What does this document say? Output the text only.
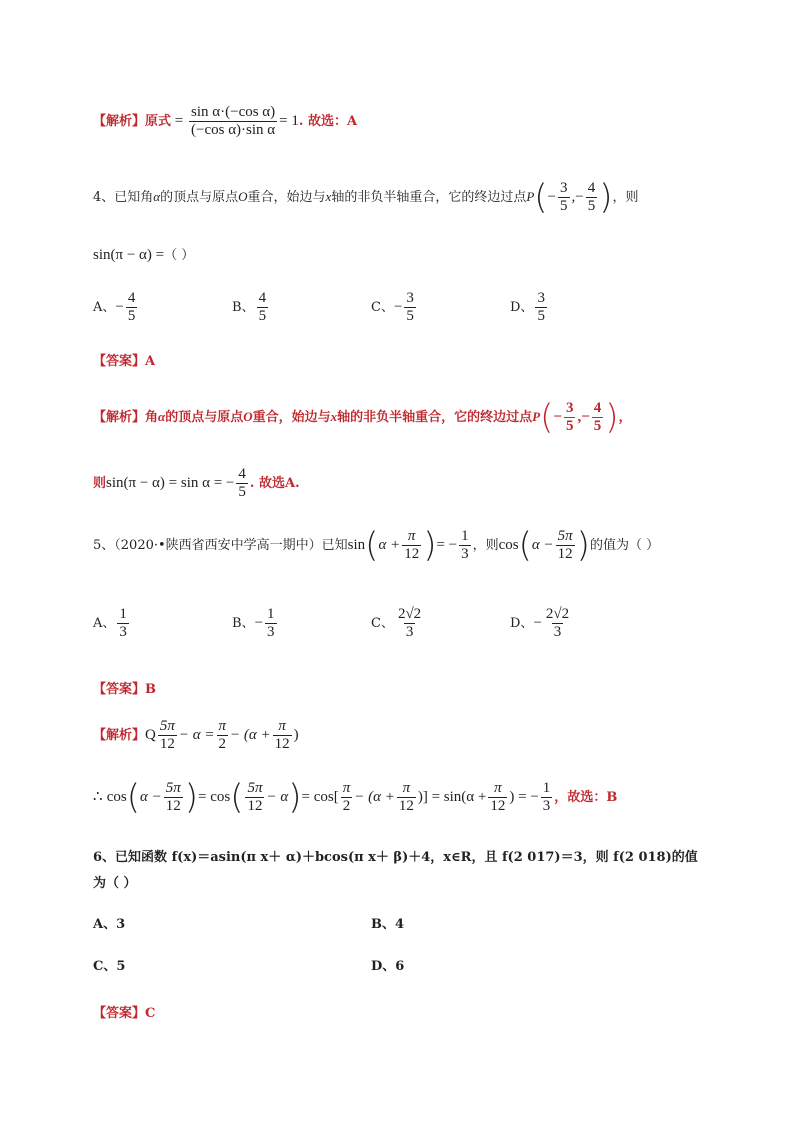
【解析】原式 = $\frac{\text{sin α·(−cos α)}}{\text{(−cos α)·sin α}} = 1$. 故选：A
4、已知角α的顶点与原点O重合，始边与x轴的非负半轴重合，它的终边过点$P(- \frac{3}{5}$ ,− $\frac{4}{5}$ )，则
sin(π − α) =（ ）
A、− $\frac{4}{5}$	B、 $\frac{4}{5}$	C、− $\frac{3}{5}$	D、 $\frac{3}{5}$
【答案】A
【解析】角α的顶点与原点O重合，始边与x轴的非负半轴重合，它的终边过点$P(- \frac{3}{5}$ ,− $\frac{4}{5}$ )，
则sin(π − α) = sin α = − $\frac{4}{5}$ . 故选A.
5、（2020·•陕西省西安中学高一期中）已知$\sin(\alpha + \frac{\pi}{12}$ )= − $\frac{1}{3}$ ，则$\cos(\alpha - \frac{5\pi}{12}$ )的值为（ ）
A、 $\frac{1}{3}$	B、− $\frac{1}{3}$	C、 $\frac{2√2}{3}$	D、− $\frac{2√2}{3}$
【答案】B
【解析】Q $\frac{5\pi}{12} - \alpha = \frac{\pi}{2} - (\alpha + \frac{\pi}{12}$ )
∴ $\cos(\alpha - \frac{5\pi}{12}$ )= $\cos( \frac{5\pi}{12} - \alpha)= \cos[ \frac{\pi}{2} - (\alpha + \frac{\pi}{12}$ )] = $\sin(\alpha + \frac{\pi}{12}$ ) = − $\frac{1}{3}$ ，故选：B
6、已知函数 f(x)＝asin(π x＋ α)＋bcos(π x＋ β)＋4，x∈R，且 f(2 017)＝3，则 f(2 018)的值
为（ ）
A、3	B、4
C、5	D、6
【答案】C
